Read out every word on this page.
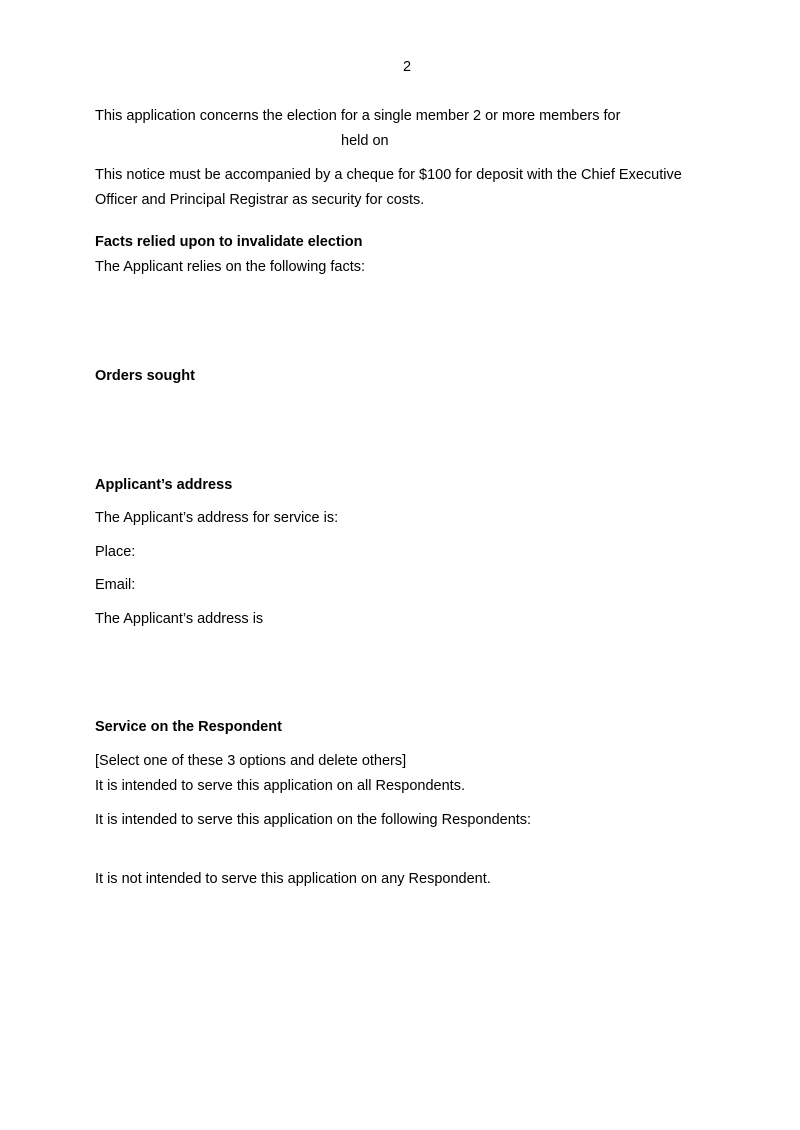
2
This application concerns the election for a single member 2 or more members for
held on
This notice must be accompanied by a cheque for $100 for deposit with the Chief Executive
Officer and Principal Registrar as security for costs.
Facts relied upon to invalidate election
The Applicant relies on the following facts:
Orders sought
Applicant’s address
The Applicant’s address for service is:
Place:
Email:
The Applicant’s address is
Service on the Respondent
[Select one of these 3 options and delete others]
It is intended to serve this application on all Respondents.
It is intended to serve this application on the following Respondents:
It is not intended to serve this application on any Respondent.
